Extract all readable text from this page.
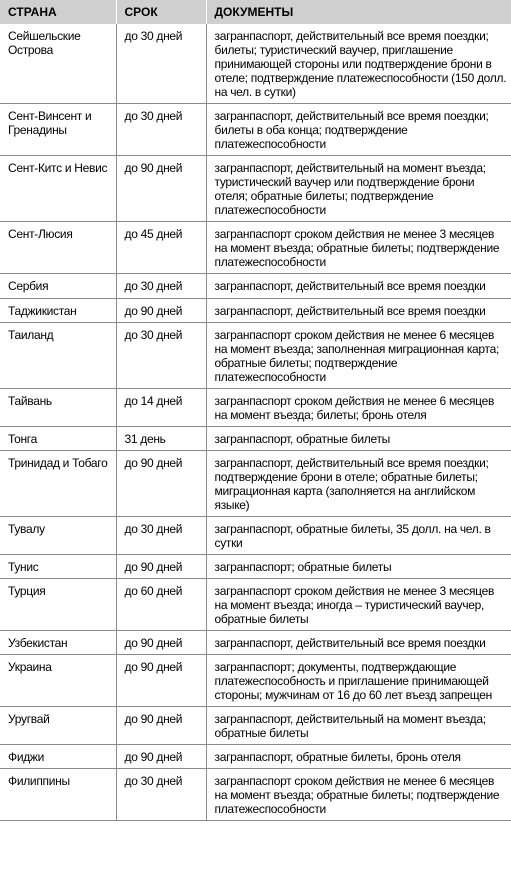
СТРАНА	СРОК	ДОКУМЕНТЫ
Сейшельские Острова	до 30 дней	загранпаспорт, действительный все время поездки; билеты; туристический ваучер, приглашение принимающей стороны или подтверждение брони в отеле; подтверждение платежеспособности (150 долл. на чел. в сутки)
Сент-Винсент и Гренадины	до 30 дней	загранпаспорт, действительный все время поездки; билеты в оба конца; подтверждение платежеспособности
Сент-Китс и Невис	до 90 дней	загранпаспорт, действительный на момент въезда; туристический ваучер или подтверждение брони отеля; обратные билеты; подтверждение платежеспособности
Сент-Люсия	до 45 дней	загранпаспорт сроком действия не менее 3 месяцев на момент въезда; обратные билеты; подтверждение платежеспособности
Сербия	до 30 дней	загранпаспорт, действительный все время поездки
Таджикистан	до 90 дней	загранпаспорт, действительный все время поездки
Таиланд	до 30 дней	загранпаспорт сроком действия не менее 6 месяцев на момент въезда; заполненная миграционная карта; обратные билеты; подтверждение платежеспособности
Тайвань	до 14 дней	загранпаспорт сроком действия не менее 6 месяцев на момент въезда; билеты; бронь отеля
Тонга	31 день	загранпаспорт, обратные билеты
Тринидад и Тобаго	до 90 дней	загранпаспорт, действительный все время поездки; подтверждение брони в отеле; обратные билеты; миграционная карта (заполняется на английском языке)
Тувалу	до 30 дней	загранпаспорт, обратные билеты, 35 долл. на чел. в сутки
Тунис	до 90 дней	загранпаспорт; обратные билеты
Турция	до 60 дней	загранпаспорт сроком действия не менее 3 месяцев на момент въезда; иногда – туристический ваучер, обратные билеты
Узбекистан	до 90 дней	загранпаспорт, действительный все время поездки
Украина	до 90 дней	загранпаспорт; документы, подтверждающие платежеспособность и приглашение принимающей стороны; мужчинам от 16 до 60 лет въезд запрещен
Уругвай	до 90 дней	загранпаспорт, действительный на момент въезда; обратные билеты
Фиджи	до 90 дней	загранпаспорт, обратные билеты, бронь отеля
Филиппины	до 30 дней	загранпаспорт сроком действия не менее 6 месяцев на момент въезда; обратные билеты; подтверждение платежеспособности
